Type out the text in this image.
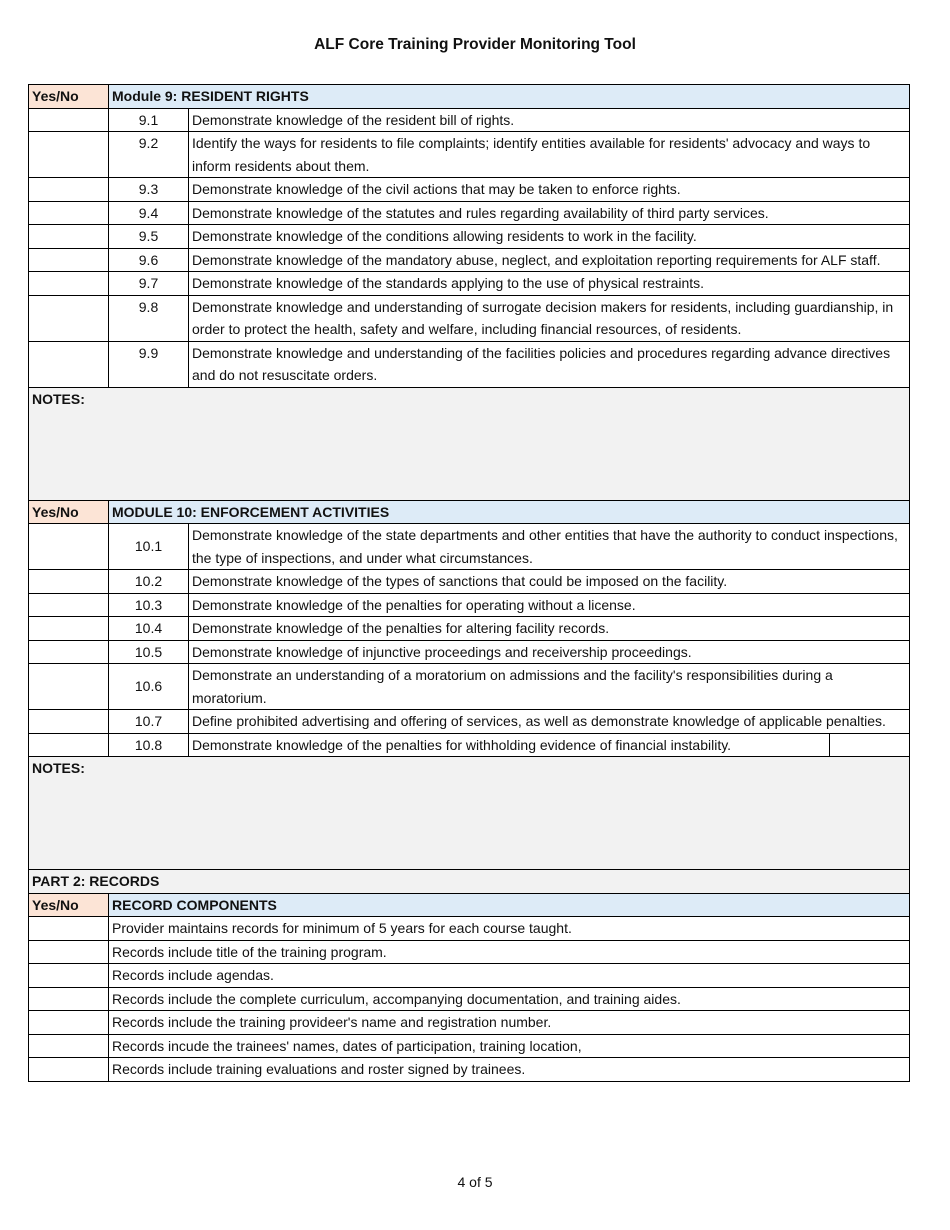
ALF Core Training Provider Monitoring Tool
Yes/No	Module 9: RESIDENT RIGHTS	
	9.1	Demonstrate knowledge of the resident bill of rights.
	9.2	Identify the ways for residents to file complaints; identify entities available for residents' advocacy and ways to inform residents about them.
	9.3	Demonstrate knowledge of the civil actions that may be taken to enforce rights.
	9.4	Demonstrate knowledge of the statutes and rules regarding availability of third party services.
	9.5	Demonstrate knowledge of the conditions allowing residents to work in the facility.
	9.6	Demonstrate knowledge of the mandatory abuse, neglect, and exploitation reporting requirements for ALF staff.
	9.7	Demonstrate knowledge of the standards applying to the use of physical restraints.
	9.8	Demonstrate knowledge and understanding of surrogate decision makers for residents, including guardianship, in order to protect the health, safety and welfare, including financial resources, of residents.
	9.9	Demonstrate knowledge and understanding of the facilities policies and procedures regarding advance directives and do not resuscitate orders.
NOTES:		
Yes/No	MODULE 10: ENFORCEMENT ACTIVITIES	
	10.1	Demonstrate knowledge of the state departments and other entities that have the authority to conduct inspections, the type of inspections, and under what circumstances.
	10.2	Demonstrate knowledge of the types of sanctions that could be imposed on the facility.
	10.3	Demonstrate knowledge of the penalties for operating without a license.
	10.4	Demonstrate knowledge of the penalties for altering facility records.
	10.5	Demonstrate knowledge of injunctive proceedings and receivership proceedings.
	10.6	Demonstrate an understanding of a moratorium on admissions and the facility's responsibilities during a moratorium.
	10.7	Define prohibited advertising and offering of services, as well as demonstrate knowledge of applicable penalties.
	10.8	Demonstrate knowledge of the penalties for withholding evidence of financial instability.

NOTES:		
PART 2: RECORDS		
Yes/No	RECORD COMPONENTS	
	Provider maintains records for minimum of 5 years for each course taught.	
	Records include title of the training program.	
	Records include agendas.	
	Records include the complete curriculum, accompanying documentation, and training aides.	
	Records include the training provideer's name and registration number.	
	Records incude the trainees' names, dates of participation, training location,	
	Records include training evaluations and roster signed by trainees.	
4 of 5
